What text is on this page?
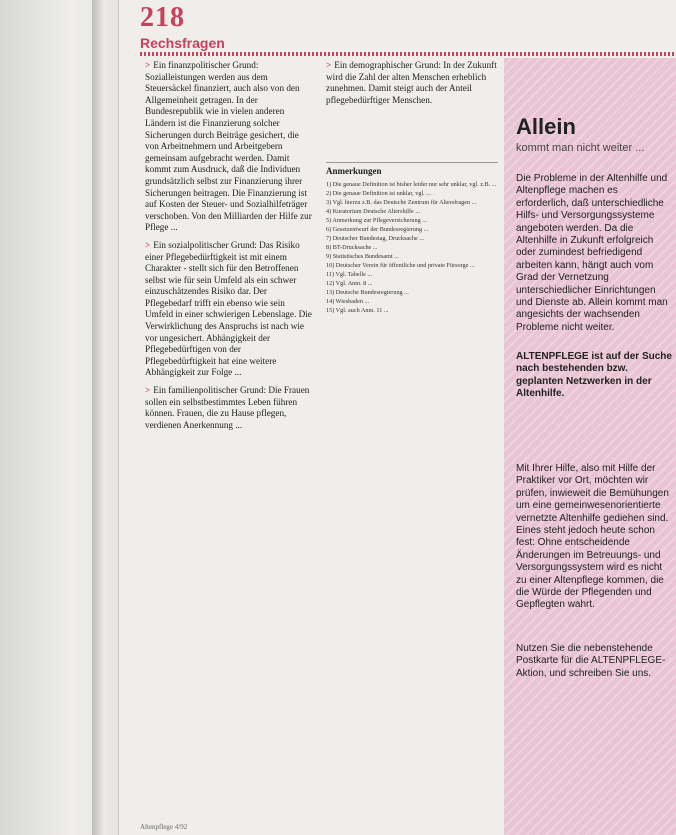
218
Rechsfragen

> Ein finanzpolitischer Grund: Sozialleistungen werden aus dem Steuersäckel finanziert, auch also von den Allgemeinheit getragen. In der Bundesrepublik wie in vielen anderen Ländern ist die Finanzierung solcher Sicherungen durch Beiträge gesichert, die von Arbeitnehmern und Arbeitgebern gemeinsam aufgebracht werden. Damit kommt zum Ausdruck, daß die Individuen grundsätzlich selbst zur Finanzierung ihrer Sicherungen beitragen. Die Finanzierung ist auf Kosten der Steuer- und Sozialhilfeträger verschoben. Von den Milliarden der Hilfe zur Pflege ...

> Ein sozialpolitischer Grund: Das Risiko einer Pflegebedürftigkeit ist mit einem Charakter - stellt sich für den Betroffenen selbst wie für sein Umfeld als ein schwer einzuschätzendes Risiko dar. Der Pflegebedarf trifft ein ebenso wie sein Umfeld in einer schwierigen Lebenslage. Die Verwirklichung des Anspruchs ist nach wie vor ungesichert. Abhängigkeit der Pflegebedürftigen von der Pflegebedürftigkeit hat eine weitere Abhängigkeit zur Folge ...

> Ein familienpolitischer Grund: Die Frauen sollen ein selbstbestimmtes Leben führen können. Frauen, die zu Hause pflegen, verdienen Anerkennung ...

> Ein demographischer Grund: In der Zukunft wird die Zahl der alten Menschen erheblich zunehmen. Damit steigt auch der Anteil pflegebedürftiger Menschen.

Anmerkungen
1) Die genaue Definition ist bisher leider nur sehr unklar, vgl. z.B. ...
2) Die genaue Definition ist unklar, vgl. ...
3) Vgl. hierzu z.B. das Deutsche Zentrum für Altersfragen ...
4) Kuratorium Deutsche Altershilfe ...
5) Anmerkung zur Pflegeversicherung ...
6) Gesetzentwurf der Bundesregierung ...
7) Deutscher Bundestag, Drucksache ...
8) BT-Drucksache ...
9) Statistisches Bundesamt ...
10) Deutscher Verein für öffentliche und private Fürsorge ...
11) Vgl. Tabelle ...
12) Vgl. Anm. 8 ...
13) Deutsche Bundesregierung ...
14) Wiesbaden ...
15) Vgl. auch Anm. 11 ...
Allein
kommt man nicht weiter ...
Die Probleme in der Altenhilfe und Altenpflege machen es erforderlich, daß unterschiedliche Hilfs- und Versorgungssysteme angeboten werden. Da die Altenhilfe in Zukunft erfolgreich oder zumindest befriedigend arbeiten kann, hängt auch vom Grad der Vernetzung unterschiedlicher Einrichtungen und Dienste ab. Allein kommt man angesichts der wachsenden Probleme nicht weiter.
ALTENPFLEGE ist auf der Suche nach bestehenden bzw. geplanten Netzwerken in der Altenhilfe.
Mit Ihrer Hilfe, also mit Hilfe der Praktiker vor Ort, möchten wir prüfen, inwieweit die Bemühungen um eine gemeinwesenorientierte vernetzte Altenhilfe gediehen sind. Eines steht jedoch heute schon fest: Ohne entscheidende Änderungen im Betreuungs- und Versorgungssystem wird es nicht zu einer Altenpflege kommen, die die Würde der Pflegenden und Gepflegten wahrt.
Nutzen Sie die nebenstehende Postkarte für die ALTENPFLEGE-Aktion, und schreiben Sie uns.
Altenpflege 4/92
